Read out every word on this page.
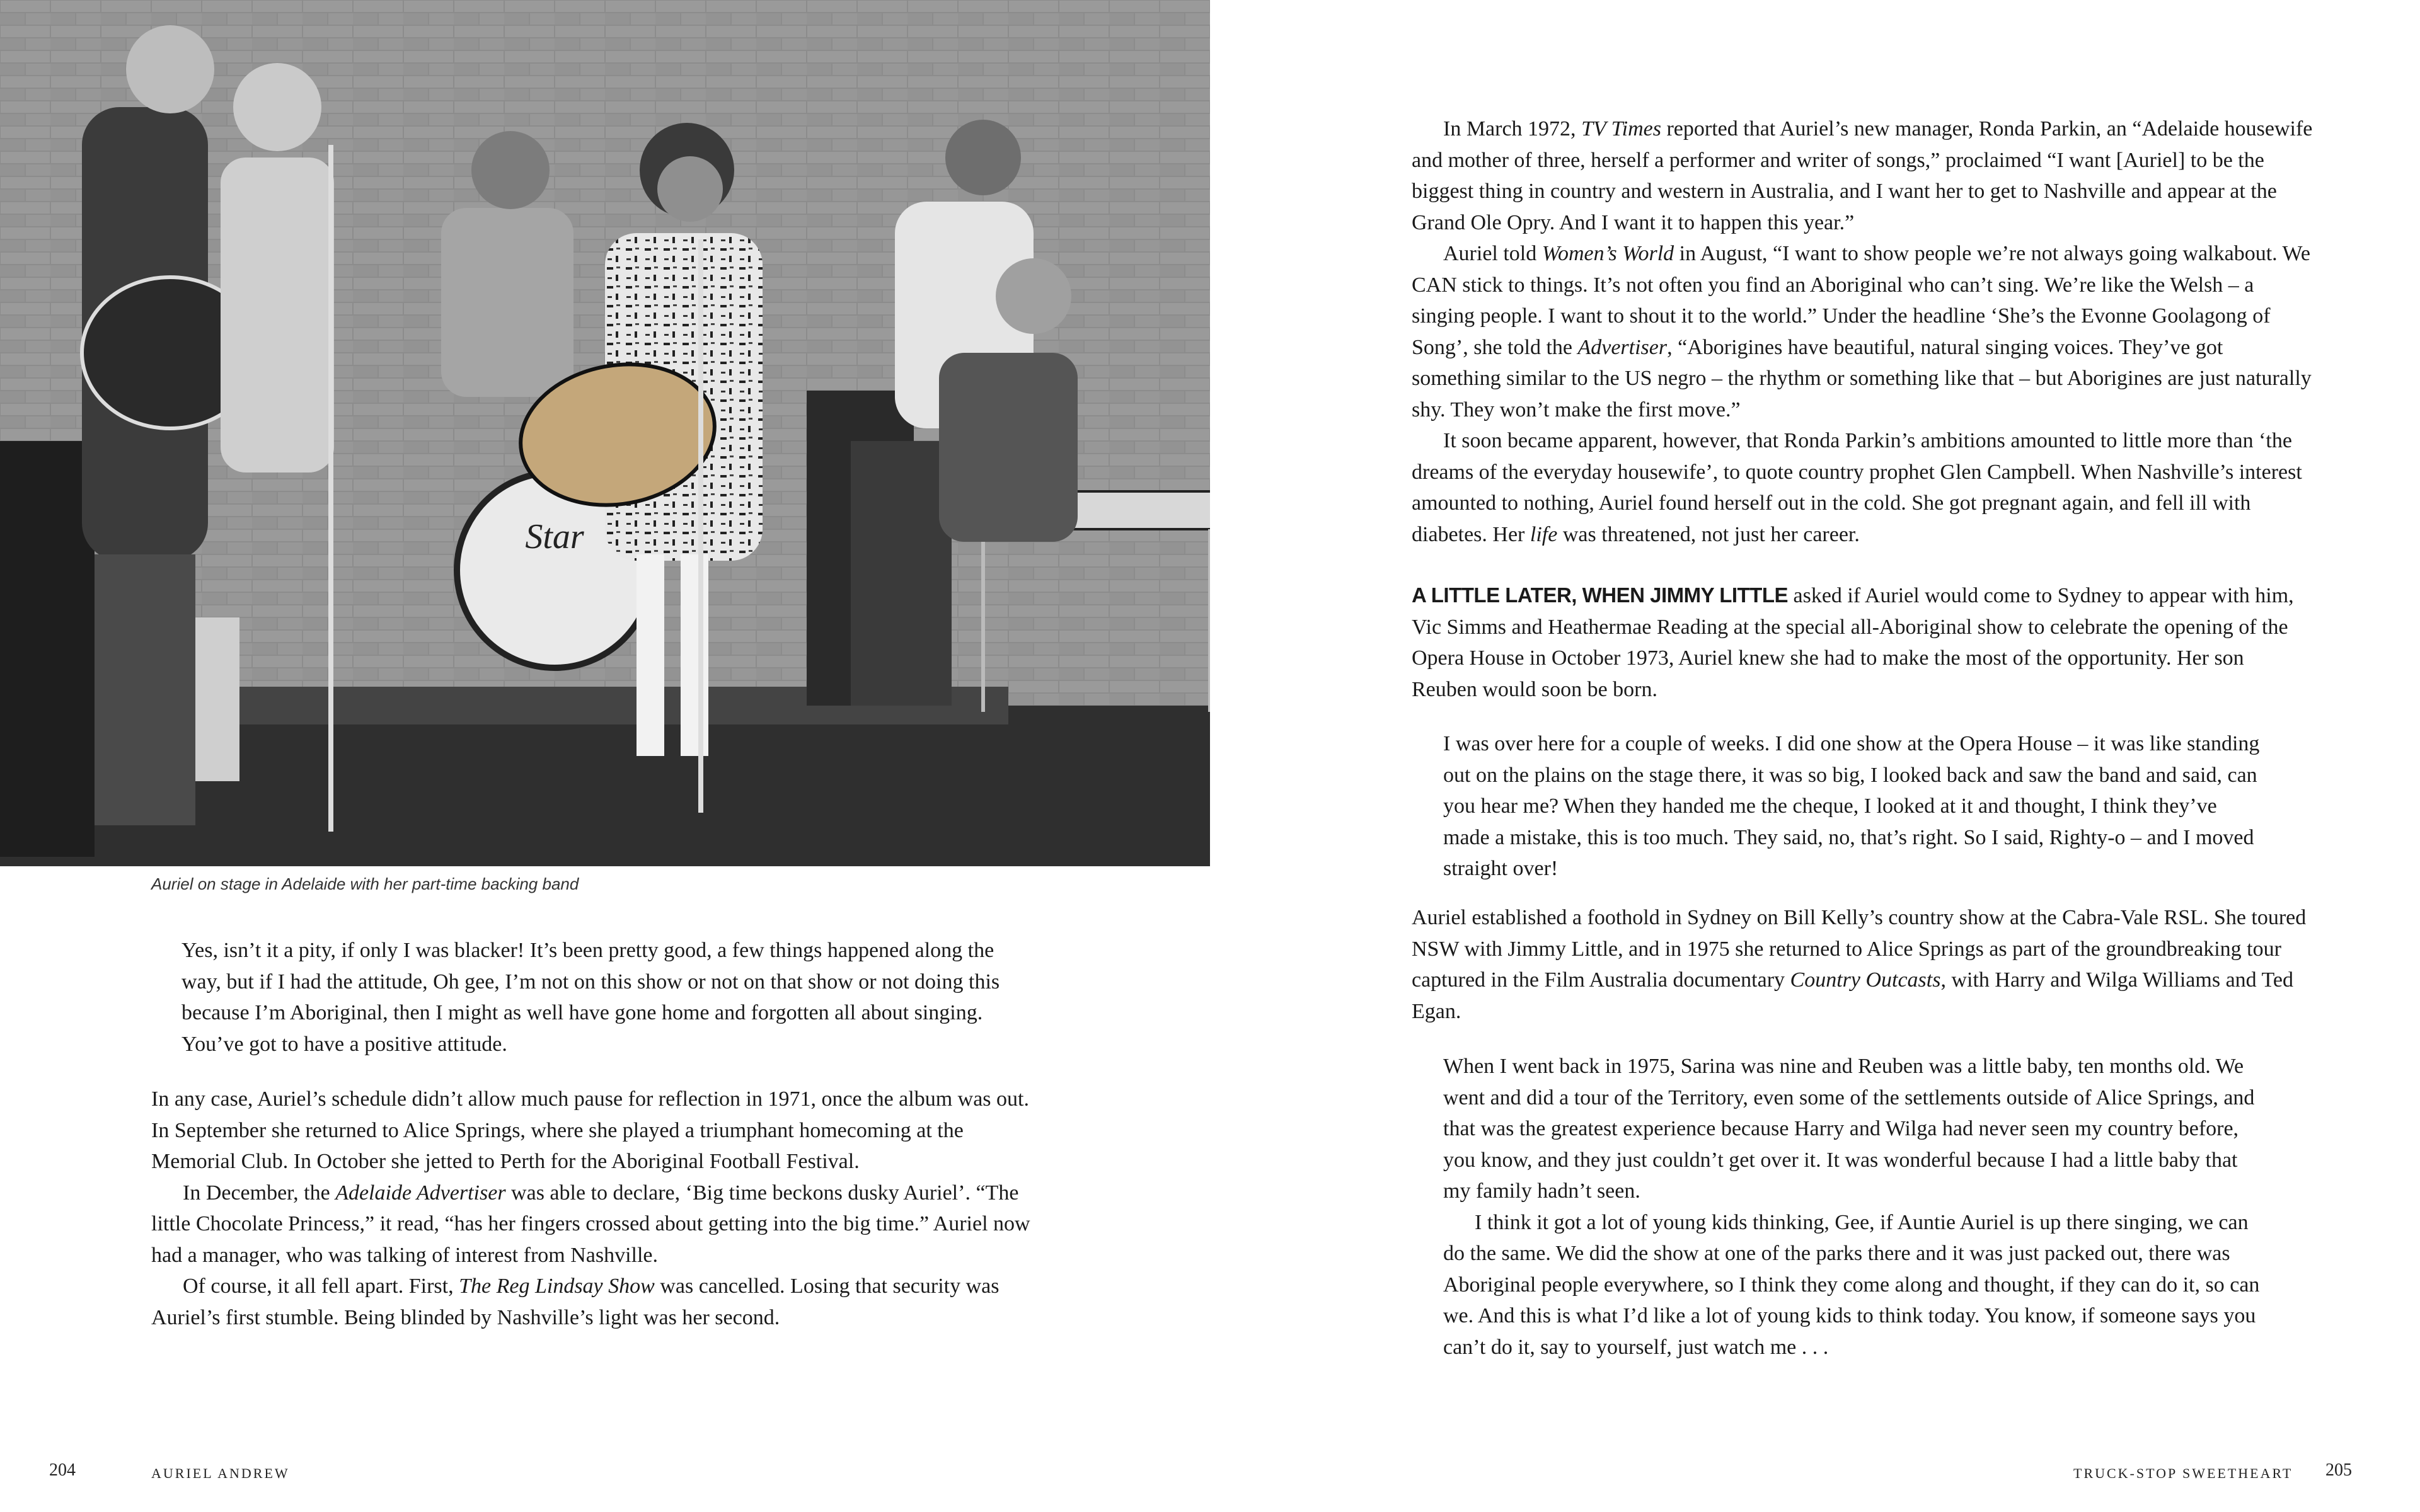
Star
Auriel on stage in Adelaide with her part-time backing band

Yes, isn’t it a pity, if only I was blacker! It’s been pretty good, a few things happened along the way, but if I had the attitude, Oh gee, I’m not on this show or not on that show or not doing this because I’m Aboriginal, then I might as well have gone home and forgotten all about singing. You’ve got to have a positive attitude.

In any case, Auriel’s schedule didn’t allow much pause for reflection in 1971, once the album was out. In September she returned to Alice Springs, where she played a triumphant homecoming at the Memorial Club. In October she jetted to Perth for the Aboriginal Football Festival.

In December, the Adelaide Advertiser was able to declare, ‘Big time beckons dusky Auriel’. “The little Chocolate Princess,” it read, “has her fingers crossed about getting into the big time.” Auriel now had a manager, who was talking of interest from Nashville.

Of course, it all fell apart. First, The Reg Lindsay Show was cancelled. Losing that security was Auriel’s first stumble. Being blinded by Nashville’s light was her second.

204	AURIEL ANDREW

In March 1972, TV Times reported that Auriel’s new manager, Ronda Parkin, an “Adelaide housewife and mother of three, herself a performer and writer of songs,” proclaimed “I want [Auriel] to be the biggest thing in country and western in Australia, and I want her to get to Nashville and appear at the Grand Ole Opry. And I want it to happen this year.”

Auriel told Women’s World in August, “I want to show people we’re not always going walkabout. We CAN stick to things. It’s not often you find an Aboriginal who can’t sing. We’re like the Welsh – a singing people. I want to shout it to the world.” Under the headline ‘She’s the Evonne Goolagong of Song’, she told the Advertiser, “Aborigines have beautiful, natural singing voices. They’ve got something similar to the US negro – the rhythm or something like that – but Aborigines are just naturally shy. They won’t make the first move.”

It soon became apparent, however, that Ronda Parkin’s ambitions amounted to little more than ‘the dreams of the everyday housewife’, to quote country prophet Glen Campbell. When Nashville’s interest amounted to nothing, Auriel found herself out in the cold. She got pregnant again, and fell ill with diabetes. Her life was threatened, not just her career.

A LITTLE LATER, WHEN JIMMY LITTLE asked if Auriel would come to Sydney to appear with him, Vic Simms and Heathermae Reading at the special all-Aboriginal show to celebrate the opening of the Opera House in October 1973, Auriel knew she had to make the most of the opportunity. Her son Reuben would soon be born.

I was over here for a couple of weeks. I did one show at the Opera House – it was like standing out on the plains on the stage there, it was so big, I looked back and saw the band and said, can you hear me? When they handed me the cheque, I looked at it and thought, I think they’ve made a mistake, this is too much. They said, no, that’s right. So I said, Righty-o – and I moved straight over!

Auriel established a foothold in Sydney on Bill Kelly’s country show at the Cabra-Vale RSL. She toured NSW with Jimmy Little, and in 1975 she returned to Alice Springs as part of the groundbreaking tour captured in the Film Australia documentary Country Outcasts, with Harry and Wilga Williams and Ted Egan.

When I went back in 1975, Sarina was nine and Reuben was a little baby, ten months old. We went and did a tour of the Territory, even some of the settlements outside of Alice Springs, and that was the greatest experience because Harry and Wilga had never seen my country before, you know, and they just couldn’t get over it. It was wonderful because I had a little baby that my family hadn’t seen.

I think it got a lot of young kids thinking, Gee, if Auntie Auriel is up there singing, we can do the same. We did the show at one of the parks there and it was just packed out, there was Aboriginal people everywhere, so I think they come along and thought, if they can do it, so can we. And this is what I’d like a lot of young kids to think today. You know, if someone says you can’t do it, say to yourself, just watch me . . .

TRUCK-STOP SWEETHEART 205
